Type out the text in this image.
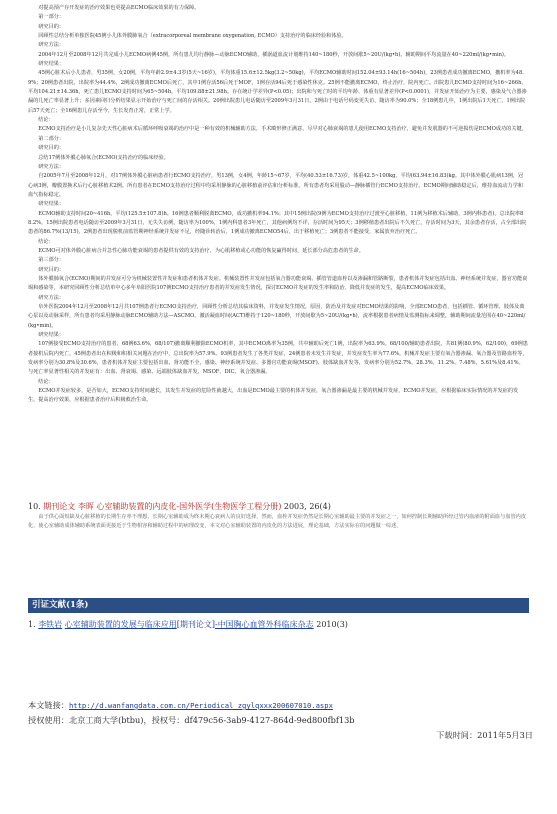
对提高预产存开发症的治疗效果也更提高ECMO临床效果的有力保障。

第一部分：

研究目的：

回顾性总结分析单独医院45例小儿体外膜肺氧合（extracorporeal membrane oxygenation, ECMO）支持治疗的临床经验和体验。

研究方法：

2004年12月至2008年12月共完成小儿ECMO病例45例，所有患儿均行静脉—动脉ECMO辅助，插涡道血流计划维持140~180秒，开放间歇5~20U/(kg•h)。辅助期间平均流量在40~220ml/(kg•min)。

研究结果：

45例心脏术后小儿患者，男35例，女20例，平均年龄2.9±4.3岁(5天~16岁)，平均体重15.6±12.5kg(3.2~50kg)，平均ECMO辅助时间152.04±93.14h(16~504h)，23例患者成功撤离ECMO，撤机率为48.9%；20例患者出院，出院率为44.4%，2例成功撤离ECMO后死亡，其中1例存活56后死于MOF，1例存活94后死于感染性休克。25例不能撤离ECMO，终止治疗，院内死亡。出院患儿ECMO支持时间为16~266h，平均104.21±14.36h，死亡患儿ECMO支持时间为65~504h，平均109.88±21.98h。存在统计学差异(P<0.05)；出院和与死亡时的平均年龄、体重有显著差异(P<0.0001)，并发症开始治疗为主要，感染及气合器渗漏的儿死亡率显著上升；多因素回归分析结果显示开始治疗与死亡间的存活相关。20例出院患儿电话随访至2009年3月31日，2例由于电话号码变更失访，随访率为90.0%；全18例患儿中，1例出院后1天死亡，1例出院后57天死亡；全16例患儿存活至今，生长发育正常，正常上学。

结论：

ECMO支持治疗是小儿复杂先天性心脏病术后循环呼吸衰竭的治疗中是一种有效的机械辅助方法，手术畸形修正满意，尽早对心肺衰竭的患儿使用ECMO支持治疗，避免并发肌器的不可逆损伤是ECMO成功的关键。

第二部分：

研究目的：

总结17例体外膜心肺氧合(ECMO)支持治疗的临床经验。

研究方法：

自2005年7月至2008年12月，对17例体外膜心脏病患者行ECMO支持治疗，男13例，女4例，年龄15~67岁，平均(40.53±16.73)岁，体重42.5~100kg，平均(63.94±16.83)kg。其中体外膜心肌病13例，冠心病3例，瓣膜置换术后行心脏移植术2例。所有患者在ECMO支持治疗过程中均采用静脉的心脏移植前评估和分析标准。所有患者均采用股动—静脉插管行ECMO支持治疗。ECMO期间辅助稳定后，维持血流动力学和血气指标稳定。

研究结果：

ECMO辅助支持时间20~416h，平均(125.5±107.8)h。16例患者顺利脱离ECMO，成功撤机率94.1%；其中15例出院(9例为ECMO支持治疗过渡至心脏移植，11例为移植术后辅助，3例内科患者)，总出院率88.2%。15例出院患者电话随访至2009年3月31日，无失失访例，随访率为100%，1例内科患者3年死亡，其他病例均不详，存活时间为95天；3例移植患者出院后不久死亡，存活时间为3天，其余患者存活，占全部出院患者的86.7%(13/15)，2例患者出现脱机前监管期神经系统并发症不足，经随诊转治后，1例成功撤离ECMO54后，出于移植死亡；3例患者不能接受，家属放弃治疗死亡。

结论：

ECMO可对体外膜心脏病合并急性心肺功能衰竭的患者提供有效的支持治疗，为心肌移植或心功能的恢复赢得时间，延长部分高危患者的生命。

第三部分：

研究目的：

体外膜肺氧合(ECMO)期间的并发症可分为机械装置性并发症和患者机体并发症。机械装置性并发症包括氧合器功能衰竭、插管管道血栓以及渗漏和管路断裂，患者机体并发症包括出血、神经系统并发症，器官功能衰竭和感染等，本研究回顾性分析总结单中心多年阜阳医院107例ECMO支持治疗患者的并发症发生情况，探讨ECMO并发症的发生率和防治，降低并发症的发生，提高ECMO临床效果。

研究方法：

阜外医院2004年12月至2008年12月共107例患者行ECMO支持治疗，回顾性分析总结其临床资料，并发症发生情况，原因，防治及并发症对ECMO结果的影响，全部ECMO患者，包括插管、循环管理、肢体及离心泵以及动脉采样，所有患者均采用静脉动脉ECMO辅助方法—ASCMO。激活凝血时间(ACT)维持于120~180秒，开放间歇为5~20U/(kg•h)，流率根据患者病情及监测指标来调整，辅助期间流量范围在40~220ml/(kg•min)。

研究结果：

107例接受ECMO支持治疗的患者，68例63.6%，68/107)撤离顺利撤除ECMO机率，其中ECMO离率为35例，共中辅助后死亡1例，出院率为63.9%。68/100/辅助患者出院，共81例(80.9%，62/100)，69例患者接机后院内死亡，45例患者出在积极和积相关问题在治疗中，总出院率为57.9%。93例患者发生了各类并发症，24例患者未发生并发症，并发症发生率为77.6%。机械并发症主要有氧合器渗漏、氧合器及管路血栓等，发病率分别为30.8%及30.6%，患者机体并发症主要包括出血、肾功能不全、感染、神经系统并发症、多器官功能衰竭(MSOF)、肢体缺血并发等，发病率分别为52.7%、28.3%、11.2%、7.48%，5.61%及8.41%。与死亡率显著性相关的并发症有：出血、肾衰竭、感染、远端肢体缺血并发、MSOF、DIC、氧合器渗漏。

结论：

ECMO并发症较多，是否如大，ECMO支持时间越长，其发生并发症的危险性就越大，出血是ECMO最主要的机体并发症，氧合器渗漏是最主要的机械并发症，ECMO并发症，应根据临床实际情况的并发症的发生，提高治疗效果，应根据患者治疗后积极救治生命。

10. 期刊论文 李晖 心室辅助装置的内皮化-国外医学(生物医学工程分册) 2003, 26(4)

由于供心面短缺及心脏移植的长期生存率不理想，长期心室辅助成为终末期心衰病人的良好选择，然而，血栓并发症仍然是长期心室辅助最主要的并发症之一，如何控制长期辅助所经过管内血液的附面血与血管内皮化，使心室辅助成体辅助系统表面更接近于生物相容和辅助过程中的病理改变，本文对心室辅助装置的内皮化的方法进展，理论基础，方法实际在的问题做一综述。

引证文献(1条)
1. 李铁岩 心室辅助装置的发展与临床应用[期刊论文]-中国胸心血管外科临床杂志 2010(3)
本文链接：http://d.wanfangdata.com.cn/Periodical_zgylqxxx200607010.aspx
授权使用：北京工商大学(btbu)，授权号：df479c56-3ab9-4127-864d-9ed800fbf13b
下载时间：2011年5月3日
